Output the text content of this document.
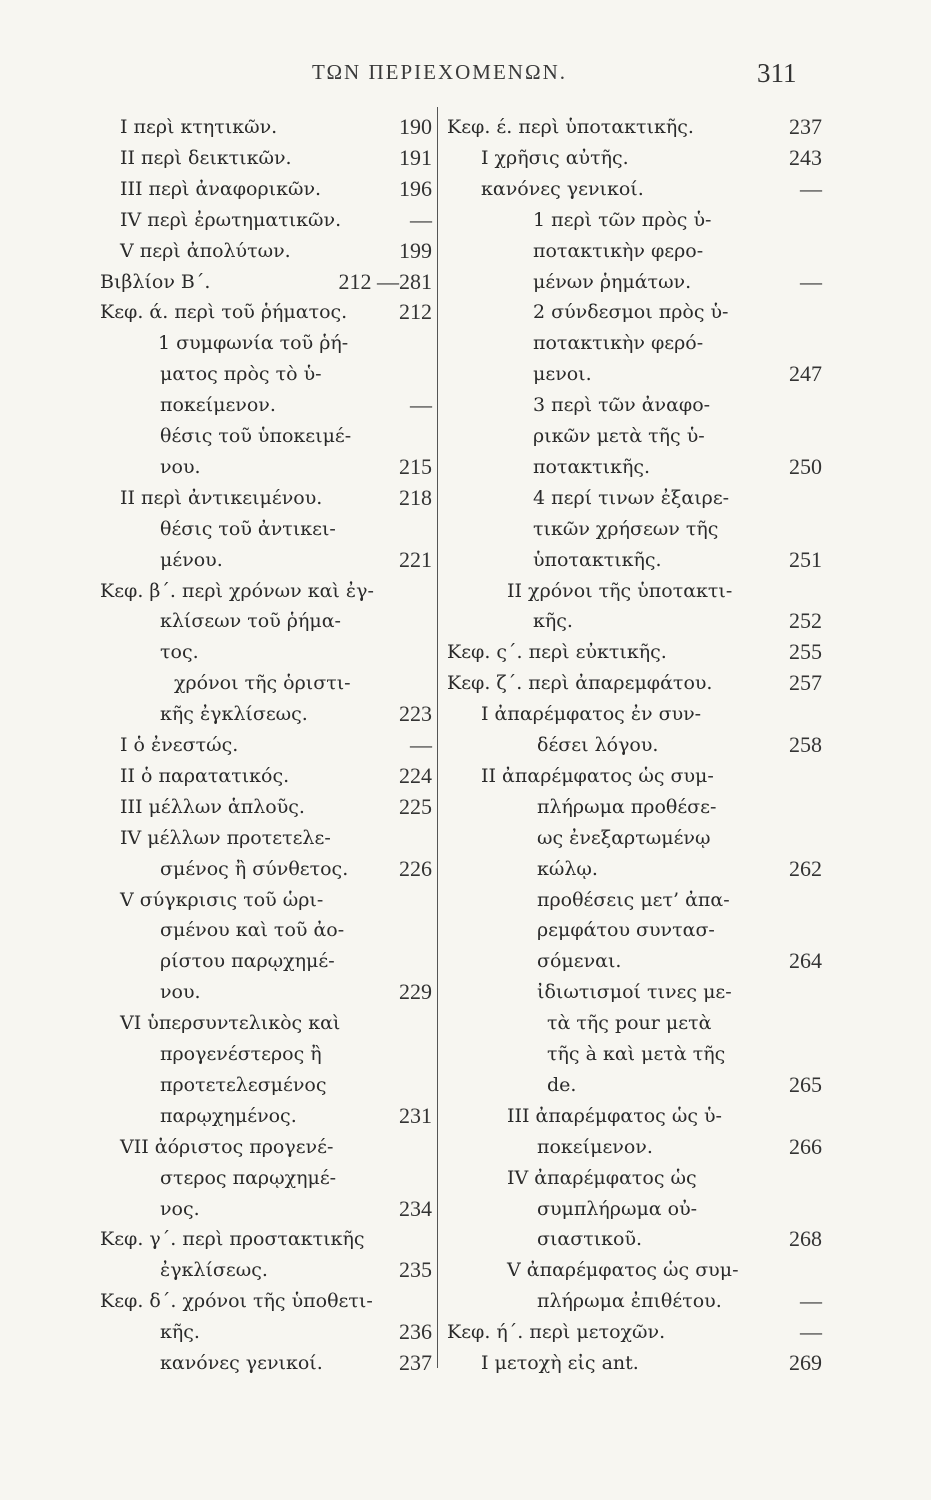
ΤΩΝ ΠΕΡΙΕΧΟΜΕΝΩΝ.	311
I περὶ κτητικῶν.	190
II περὶ δεικτικῶν.	191
III περὶ ἀναφορικῶν.	196
IV περὶ ἐρωτηματικῶν.	—
V περὶ ἀπολύτων.	199
Βιβλίον Β΄.	212 —281
Κεφ. ά. περὶ τοῦ ῥήματος. 212
1 συμφωνία τοῦ ῥή-
ματος πρὸς τὸ ὑ-
ποκείμενον.	—
θέσις τοῦ ὑποκειμέ-
νου.	215
II περὶ ἀντικειμένου.	218
θέσις τοῦ ἀντικει-
μένου.	221
Κεφ. β΄. περὶ χρόνων καὶ ἐγ-
κλίσεων τοῦ ῥήμα-
τος.
χρόνοι τῆς ὁριστι-
κῆς ἐγκλίσεως.	223
I ὁ ἐνεστώς.	—
II ὁ παρατατικός.	224
III μέλλων ἁπλοῦς.	225
IV μέλλων προτετελε-
σμένος ἢ σύνθετος. 226
V σύγκρισις τοῦ ὡρι-
σμένου καὶ τοῦ ἀο-
ρίστου παρῳχημέ-
νου.	229
VI ὑπερσυντελικὸς καὶ
προγενέστερος ἢ
προτετελεσμένος
παρῳχημένος.	231
VII ἀόριστος προγενέ-
στερος παρῳχημέ-
νος.	234
Κεφ. γ΄. περὶ προστακτικῆς
ἐγκλίσεως.	235
Κεφ. δ΄. χρόνοι τῆς ὑποθετι-
κῆς.	236
κανόνες γενικοί.	237
Κεφ. έ. περὶ ὑποτακτικῆς.	237
I χρῆσις αὐτῆς.	243
κανόνες γενικοί.	—
1 περὶ τῶν πρὸς ὑ-
ποτακτικὴν φερο-
μένων ῥημάτων.	—
2 σύνδεσμοι πρὸς ὑ-
ποτακτικὴν φερό-
μενοι.	247
3 περὶ τῶν ἀναφο-
ρικῶν μετὰ τῆς ὑ-
ποτακτικῆς.	250
4 περί τινων ἐξαιρε-
τικῶν χρήσεων τῆς
ὑποτακτικῆς.	251
II χρόνοι τῆς ὑποτακτι-
κῆς.	252
Κεφ. ς΄. περὶ εὐκτικῆς.	255
Κεφ. ζ΄. περὶ ἀπαρεμφάτου.	257
I ἀπαρέμφατος ἐν συν-
δέσει λόγου.	258
II ἀπαρέμφατος ὡς συμ-
πλήρωμα προθέσε-
ως ἐνεξαρτωμένῳ
κώλῳ.	262
προθέσεις μετ’ ἀπα-
ρεμφάτου συντασ-
σόμεναι.	264
ἰδιωτισμοί τινες με-
τὰ τῆς pour μετὰ
τῆς à καὶ μετὰ τῆς
de.	265
III ἀπαρέμφατος ὡς ὑ-
ποκείμενον.	266
IV ἀπαρέμφατος ὡς
συμπλήρωμα οὐ-
σιαστικοῦ.	268
V ἀπαρέμφατος ὡς συμ-
πλήρωμα ἐπιθέτου.	—
Κεφ. ή΄. περὶ μετοχῶν.	—
I μετοχὴ εἰς ant.	269
